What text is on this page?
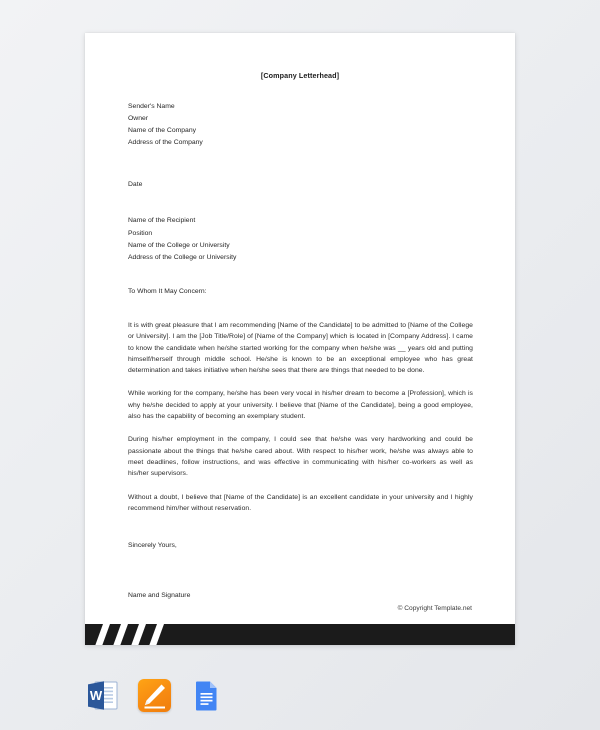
[Company Letterhead]
Sender's Name
Owner
Name of the Company
Address of the Company
Date
Name of the Recipient
Position
Name of the College or University
Address of the College or University
To Whom It May Concern:

It is with great pleasure that I am recommending [Name of the Candidate] to be admitted to [Name of the College or University]. I am the [Job Title/Role] of [Name of the Company] which is located in [Company Address]. I came to know the candidate when he/she started working for the company when he/she was __ years old and putting himself/herself through middle school. He/she is known to be an exceptional employee who has great determination and takes initiative when he/she sees that there are things that needed to be done.

While working for the company, he/she has been very vocal in his/her dream to become a [Profession], which is why he/she decided to apply at your university. I believe that [Name of the Candidate], being a good employee, also has the capability of becoming an exemplary student.

During his/her employment in the company, I could see that he/she was very hardworking and could be passionate about the things that he/she cared about. With respect to his/her work, he/she was always able to meet deadlines, follow instructions, and was effective in communicating with his/her co-workers as well as his/her supervisors.

Without a doubt, I believe that [Name of the Candidate] is an excellent candidate in your university and I highly recommend him/her without reservation.

Sincerely Yours,
Name and Signature
© Copyright Template.net
W
